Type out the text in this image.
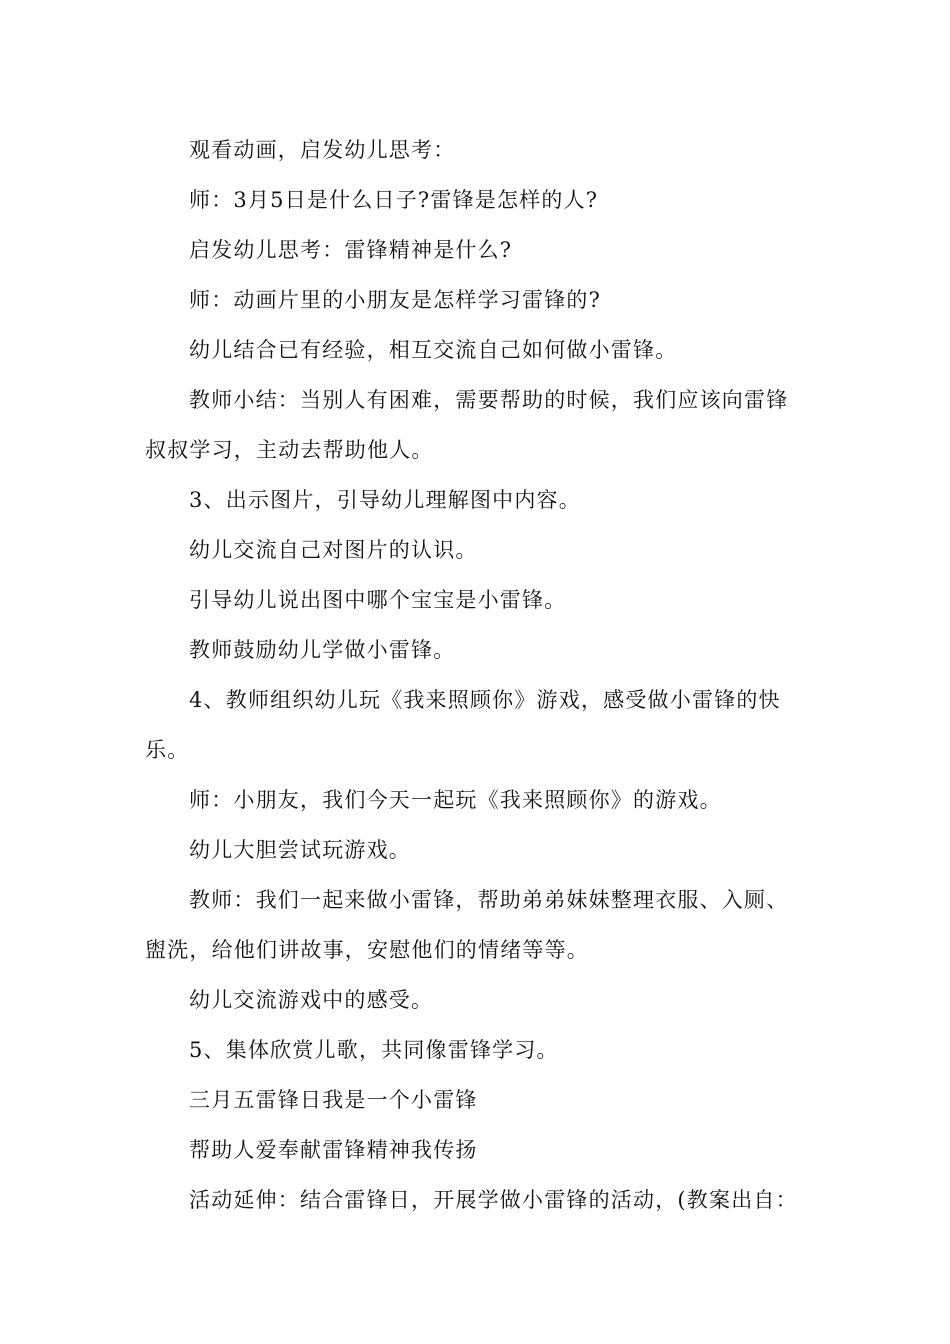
观看动画，启发幼儿思考：

师：3月5日是什么日子?雷锋是怎样的人?

启发幼儿思考：雷锋精神是什么?

师：动画片里的小朋友是怎样学习雷锋的?

幼儿结合已有经验，相互交流自己如何做小雷锋。

教师小结：当别人有困难，需要帮助的时候，我们应该向雷锋叔叔学习，主动去帮助他人。

3、出示图片，引导幼儿理解图中内容。

幼儿交流自己对图片的认识。

引导幼儿说出图中哪个宝宝是小雷锋。

教师鼓励幼儿学做小雷锋。

4、教师组织幼儿玩《我来照顾你》游戏，感受做小雷锋的快乐。

师：小朋友，我们今天一起玩《我来照顾你》的游戏。

幼儿大胆尝试玩游戏。

教师：我们一起来做小雷锋，帮助弟弟妹妹整理衣服、入厕、盥洗，给他们讲故事，安慰他们的情绪等等。

幼儿交流游戏中的感受。

5、集体欣赏儿歌，共同像雷锋学习。

三月五雷锋日我是一个小雷锋

帮助人爱奉献雷锋精神我传扬

活动延伸：结合雷锋日，开展学做小雷锋的活动，(教案出自：
